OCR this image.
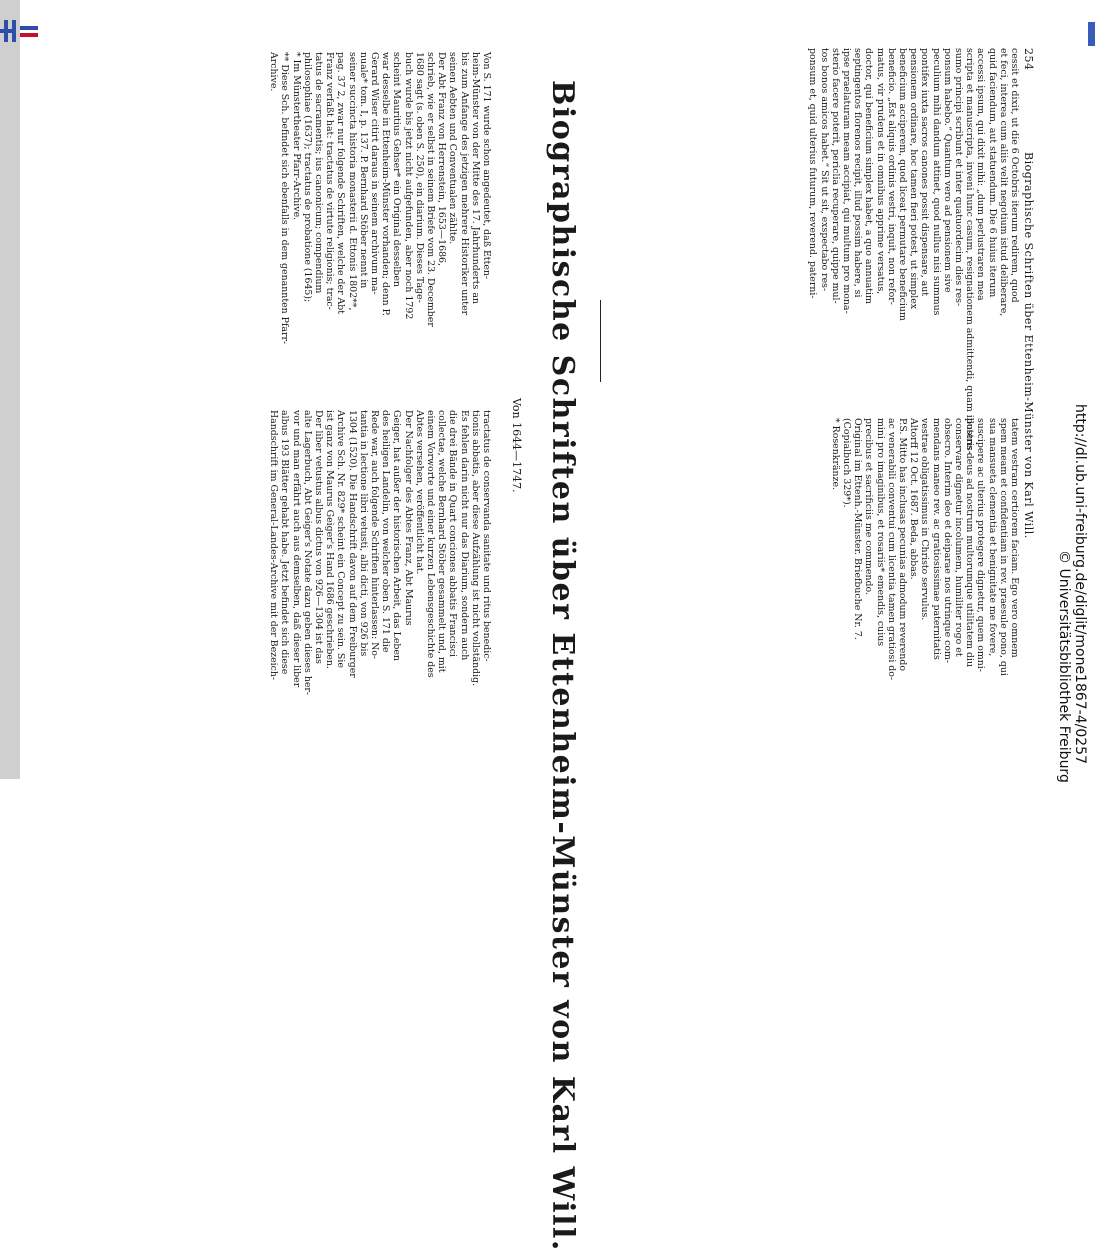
254
Biographische Schriften über Ettenheim-Münster von Karl Will.

cessit et dixit, ut die 6 Octobris iterum redirem, quod

et feci, interea cum aliis velit negotium istud deliberare,

quid faciendum, aut statuendum. Die 6 huius iterum

accessi ipsum, qui dixit mihi: „dum perlustraren mea

scripta et manuscripta, inveni hunc casum, resignationem admittendi, quam illustris-

sumo principi scribunt et inter quatuordecim dies res-

ponsum habebo.“ Quantum vero ad pensionem sive

peculium mihi dandum attinet, quod nullus nisi summus

pontifex iuxta sacros canones possit dispensare, aut

pensionem ordinare, hoc tamen fieri potest, ut simplex

beneficium acciperem, quod liceat permutare beneficium

beneficio. „Est aliquis ordinis vestri, inquit, non refor-

matus, vir prudens et in omnibus apprime versatus,

doctor, qui beneficium simplex habet, a quo annuatim

septingentos florenos recipit, illud possim habere, si

ipse praelaturam meam accipiat, qui multum pro mona-

sterio facere poterit, periclia recuperare, quippe mul-

tos bonos amicos habet.“ Sit ut sit, exspectabo res-

ponsum et, quid ulterius futurum, reverend. paterni-

tatem vestram certiorem faciam. Ego vero omnem

spem meam et confidentiam in rev. praesule pono, qui

sua mansueta clementia et benignitate me fovere,

suscipere ac ulterius protegere dignetur, quem omni-

potens deus ad nostrum multorumque utilitatem diu

conservare dignetur incolumem, humiliter rogo et

obsecro. Interim deo et deiparae nos utrinque com-

mendans maneo rev. ac gratiosissimae paternitatis

vestrae obligatissimus in Christo servulus.

Altorff 12 Oct. 1687. Beda, abbas.

P.S. Mitto has inclusas pecunias admodum reverendo

ac venerabili conventui cum licentia tamen gratiosi do-

mini pro imaginibus, et rosariis* emendis, cuius

precibus et sacrificiis me commendo.

Original im Ettenh.-Münster. Briefbuche Nr. 7.

(Copialbuch 329*).

* Rosenkränze.

Biographische Schriften über Ettenheim-Münster von Karl Will.
Von 1644—1747.

Von S. 171 wurde schon angedeutet, daß Etten-

heim-Münster von der Mitte des 17. Jahrhunderts an

bis zum Anfange des jetzigen mehrere Historiker unter

seinen Aebten und Conventualen zählte.

Der Abt Franz von Herrenstein, 1653—1686,

schrieb, wie er selbst in seinem Briefe vom 23. December

1680 sagt (s. oben S. 250), ein diarium. Dieses Tage-

buch wurde bis jetzt nicht aufgefunden, aber noch 1792

scheint Mauritius Gehser* ein Original desselben

war desselbe in Ettenheim-Münster vorhanden; denn P.

Gerard Wiser citirt daraus in seinem archivum ma-

nuale* tom. I, p. 137. P. Bernhard Stöber nennt in

seiner succincta historia monasterii d. Ettonis 1802**,

pag. 37 2, zwar nur folgende Schriften, welche der Abt

Franz verfaßt hat: tractatus de virtute religionis; trac-

tatus de sacramentis; ius canonicum; compendium

philosophiae (1637); tractatus de probatione (1645);

* Im Münstertheater Pfarr-Archive.

** Diese Sch. befindet sich ebenfalls in dem genannten Pfarr-

Archive.

tractatus de conservanda sanitate und ritus benedic-

tionis abbatis, aber diese Aufzählung ist nicht vollständig.

Es fehlen darin nicht nur das Diarium, sondern auch

die drei Bände in Quart conciones abbatis Francisci

collectae, welche Bernhard Stöber gesammelt und, mit

einem Vorworte und einer kurzen Lebensgeschichte des

Abtes versehen, veröffentlicht hat.

Der Nachfolger des Abtes Franz, Abt Maurus

Geiger, hat außer der historischen Arbeit, das Leben

des heiligen Landelin, von welcher oben S. 171 die

Rede war, auch folgende Schriften hinterlassen: No-

tantia in lectione libri vetusti, albi dicti, von 926 bis

1304 (1520). Die Handschrift davon auf dem Freiburger

Archive Sch. Nr. 829* scheint ein Concept zu sein. Sie

ist ganz von Maurus Geiger's Hand 1686 geschrieben.

Der liber vetustus albus dictus von 926—1304 ist das

alte Lagerbuch, Abt Geiger's Notate dazu geben dieses her-

vor und man erfährt auch aus demselben, daß dieser liber

albus 193 Blätter gehabt habe. Jetzt befindet sich diese

Handschrift im General-Landes-Archive mit der Bezeich-	http://dl.ub.uni-freiburg.de/diglit/mone1867-4/0257
© Universitätsbibliothek Freiburg
